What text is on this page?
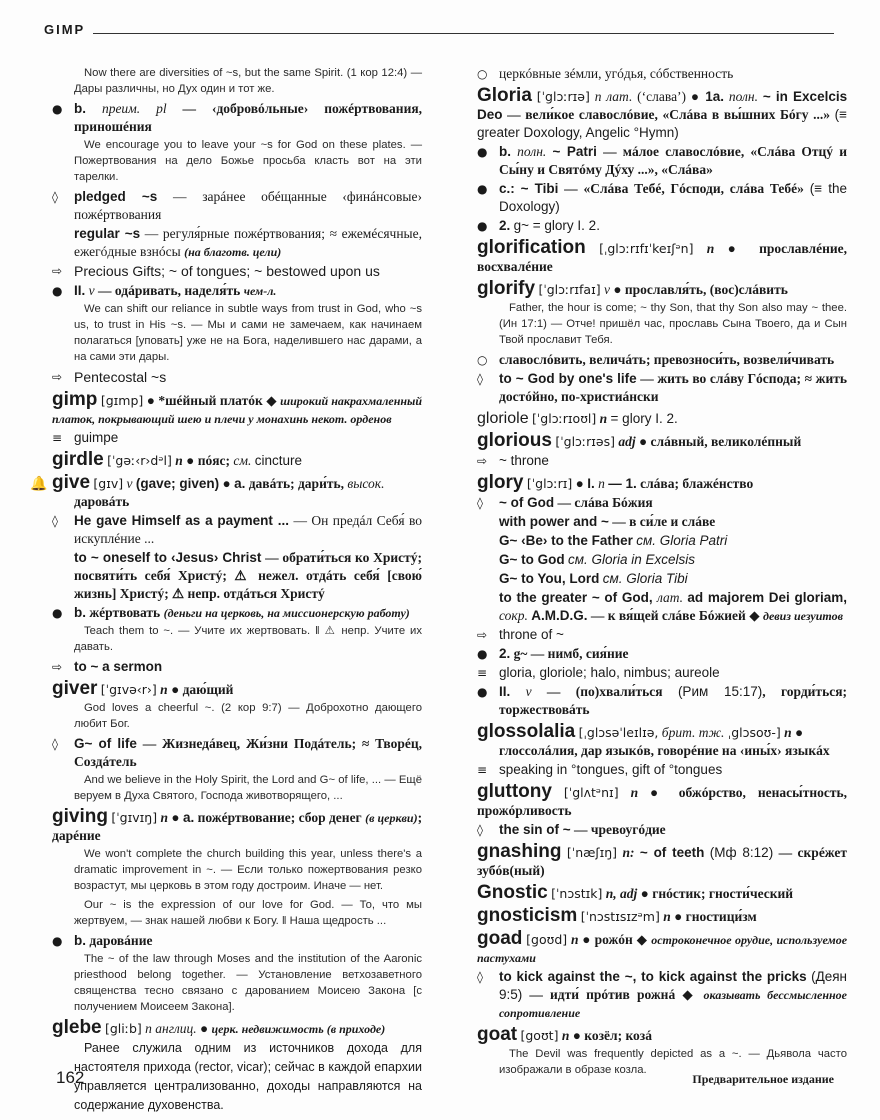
GIMP
Now there are diversities of ~s, but the same Spirit. (1 кор 12:4) — Дары различны, но Дух один и тот же.
● b. преим. pl — ‹добровóльные› пожéртвования, приношéния
We encourage you to leave your ~s for God on these plates. — Пожертвования на дело Божье просьба класть вот на эти тарелки.
◊	pledged ~s — зарáнее обéщанные ‹финáнсовые› пожéртвования
regular ~s — регуля́рные пожéртвования; ≈ ежемéсячные, ежегóдные взнóсы (на благотв. цели)
⇨ Precious Gifts; ~ of tongues; ~ bestowed upon us
● II. v — одáривать, наделя́ть чем-л.
We can shift our reliance in subtle ways from trust in God, who ~s us, to trust in His ~s. — Мы и сами не замечаем, как начинаем полагаться [уповать] уже не на Бога, наделившего нас дарами, а на сами эти дары.
⇨ Pentecostal ~s
gimp [gɪmp] ● *шéйный платóк ◆ широкий накрахмаленный платок, покрывающий шею и плечи у монахинь некот. орденов
≡ guimpe
girdle [ˈgəː‹r›dᵊl] n ● пóяс; см. cincture
🔔 give [gɪv] v (gave; given) ● a. давáть; дари́ть, высок.
даровáть
◊	He gave Himself as a payment ... — Он предáл Себя́ во искуплéние ...
to ~ oneself to ‹Jesus› Christ — обрати́ться ко Христý; посвяти́ть себя́ Христý; ⚠ нежел. отдáть себя́ [свою́ жизнь] Христý; ⚠ непр. отдáться Христý
● b. жéртвовать (деньги на церковь, на миссионерскую работу)
Teach them to ~. — Учите их жертвовать. ‖ ⚠ непр. Учите их давать.
⇨ to ~ a sermon
giver [ˈgɪvə‹r›] n ● даю́щий
God loves a cheerful ~. (2 кор 9:7) — Доброхотно дающего любит Бог.
◊	G~ of life — Жизнедáвец, Жи́зни Подáтель; ≈ Творéц, Создáтель
And we believe in the Holy Spirit, the Lord and G~ of life, ... — Ещё веруем в Духа Святого, Господа животворящего, ...
giving [ˈgɪvɪŋ] n ● a. пожéртвование; сбор денег (в церкви); дарéние
We won't complete the church building this year, unless there's a dramatic improvement in ~. — Если только пожертвования резко возрастут, мы церковь в этом году достроим. Иначе — нет.
Our ~ is the expression of our love for God. — То, что мы жертвуем, — знак нашей любви к Богу. ‖ Наша щедрость ...
● b. даровáние
The ~ of the law through Moses and the institution of the Aaronic priesthood belong together. — Установление ветхозаветного священства тесно связано с дарованием Моисею Закона [с получением Моисеем Закона].
glebe [gliːb] n англиц. ● церк. недвижимость (в приходе)
Ранее служила одним из источников дохода для настоятеля прихода (rector, vicar); сейчас в каждой епархии управляется централизованно, доходы направляются на содержание духовенства.
○ церкóвные зéмли, угóдья, сóбственность
Gloria [ˈglɔːrɪə] n лат. (‘слава’) ● 1a. полн. ~ in Excelcis Deo — вели́кое славослóвие, «Слáва в вы́шних Бóгу ...» (≡ greater Doxology, Angelic °Hymn)
● b. полн. ~ Patri — мáлое славослóвие, «Слáва Отцý и Сы́ну и Святóму Дýху ...», «Слáва»
● c.: ~ Tibi — «Слáва Тебé, Гóсподи, слáва Тебé» (≡ the Doxology)
● 2. g~ = glory I. 2.
glorification [ˌglɔːrɪfɪˈkeɪʃᵊn] n ● прославлéние, восхвалéние
glorify [ˈglɔːrɪfaɪ] v ● прославля́ть, (вос)слáвить
Father, the hour is come; ~ thy Son, that thy Son also may ~ thee. (Ин 17:1) — Отче! пришёл час, прославь Сына Твоего, да и Сын Твой прославит Тебя.
○ славослóвить, величáть; превозноси́ть, возвели́чивать
◊	to ~ God by one's life — жить во слáву Гóспода; ≈ жить достóйно, по-христиáнски
gloriole [ˈglɔːrɪoʊl] n = glory I. 2.
glorious [ˈglɔːrɪəs] adj ● слáвный, великолéпный
⇨ ~ throne
glory [ˈglɔːrɪ] ● I. n — 1. слáва; блажéнство
◊	~ of God — слáва Бóжия
with power and ~ — в си́ле и слáве
G~ ‹Be› to the Father см. Gloria Patri
G~ to God см. Gloria in Excelsis
G~ to You, Lord см. Gloria Tibi
to the greater ~ of God, лат. ad majorem Dei gloriam, сокр. A.M.D.G. — к вя́щей слáве Бóжией ◆ девиз иезуитов
⇨ throne of ~
● 2. g~ — нимб, сия́ние
≡ gloria, gloriole; halo, nimbus; aureole
● II. v — (по)хвали́ться (Рим 15:17), горди́ться; торжествовáть
glossolalia [ˌglɔsəˈleɪlɪə, брит. тж. ˌglɔsoʊ-] n ●
глоссолáлия, дар языкóв, говорéние на ‹ины́х› языкáх
≡ speaking in °tongues, gift of °tongues
gluttony [ˈglʌtᵊnɪ] n ● обжóрство, ненасы́тность, прожóрливость
◊	the sin of ~ — чревоугóдие
gnashing [ˈnæʃɪŋ] n: ~ of teeth (Мф 8:12) — скрéжет зубóв(ный)
Gnostic [ˈnɔstɪk] n, adj ● гнóстик; гности́ческий
gnosticism [ˈnɔstɪsɪzᵊm] n ● гностици́зм
goad [goʊd] n ● рожóн ◆ остроконечное орудие, используемое пастухами
◊	to kick against the ~, to kick against the pricks (Деян 9:5) — идти́ прóтив рожнá ◆ оказывать бессмысленное сопротивление
goat [goʊt] n ● козёл; козá
The Devil was frequently depicted as a ~. — Дьявола часто изображали в образе козла.
162	Предварительное издание
